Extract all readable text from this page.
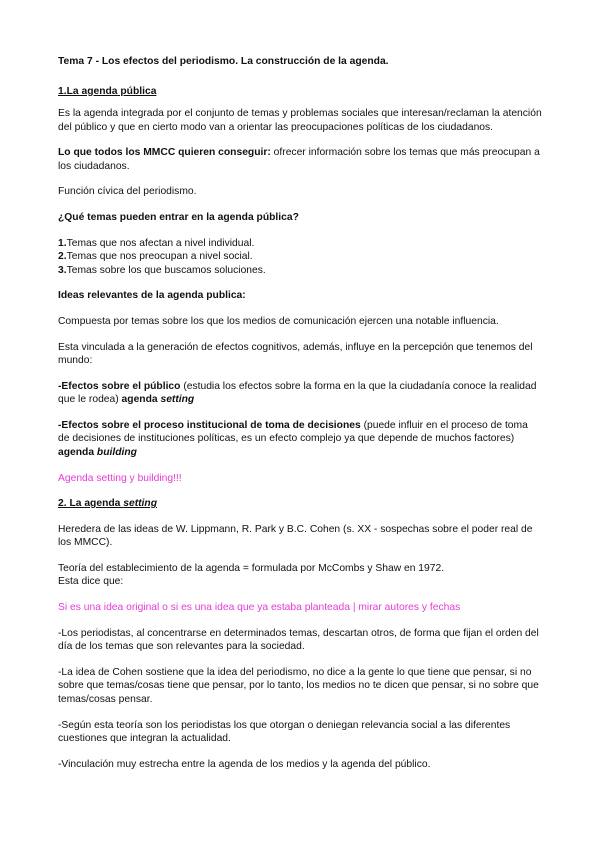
Tema 7 - Los efectos del periodismo. La construcción de la agenda.

1.La agenda pública

Es la agenda integrada por el conjunto de temas y problemas sociales que interesan/reclaman la atención del público y que en cierto modo van a orientar las preocupaciones políticas de los ciudadanos.

Lo que todos los MMCC quieren conseguir: ofrecer información sobre los temas que más preocupan a los ciudadanos.

Función cívica del periodismo.

¿Qué temas pueden entrar en la agenda pública?

1.Temas que nos afectan a nivel individual.

2.Temas que nos preocupan a nivel social.

3.Temas sobre los que buscamos soluciones.

Ideas relevantes de la agenda publica:

Compuesta por temas sobre los que los medios de comunicación ejercen una notable influencia.

Esta vinculada a la generación de efectos cognitivos, además, influye en la percepción que tenemos del mundo:

-Efectos sobre el público (estudia los efectos sobre la forma en la que la ciudadanía conoce la realidad que le rodea) agenda setting

-Efectos sobre el proceso institucional de toma de decisiones (puede influir en el proceso de toma de decisiones de instituciones políticas, es un efecto complejo ya que depende de muchos factores) agenda building

Agenda setting y building!!!

2. La agenda setting

Heredera de las ideas de W. Lippmann, R. Park y B.C. Cohen (s. XX - sospechas sobre el poder real de los MMCC).

Teoría del establecimiento de la agenda = formulada por McCombs y Shaw en 1972.

Esta dice que:

Si es una idea original o si es una idea que ya estaba planteada | mirar autores y fechas

-Los periodistas, al concentrarse en determinados temas, descartan otros, de forma que fijan el orden del día de los temas que son relevantes para la sociedad.

-La idea de Cohen sostiene que la idea del periodismo, no dice a la gente lo que tiene que pensar, si no sobre que temas/cosas tiene que pensar, por lo tanto, los medios no te dicen que pensar, si no sobre que temas/cosas pensar.

-Según esta teoría son los periodistas los que otorgan o deniegan relevancia social a las diferentes cuestiones que integran la actualidad.

-Vinculación muy estrecha entre la agenda de los medios y la agenda del público.
